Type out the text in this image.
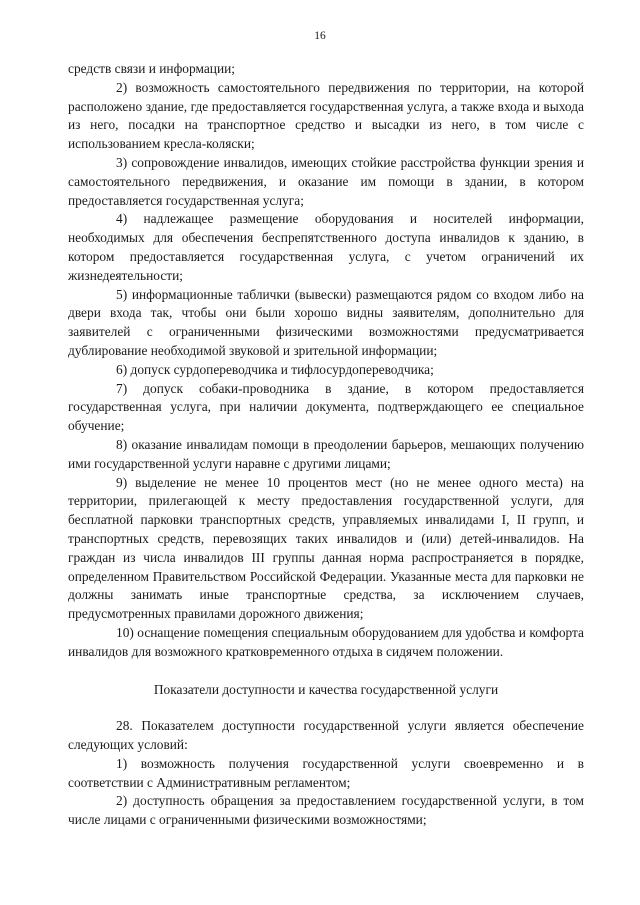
16

средств связи и информации;

2) возможность самостоятельного передвижения по территории, на которой расположено здание, где предоставляется государственная услуга, а также входа и выхода из него, посадки на транспортное средство и высадки из него, в том числе с использованием кресла-коляски;

3) сопровождение инвалидов, имеющих стойкие расстройства функции зрения и самостоятельного передвижения, и оказание им помощи в здании, в котором предоставляется государственная услуга;

4) надлежащее размещение оборудования и носителей информации, необходимых для обеспечения беспрепятственного доступа инвалидов к зданию, в котором предоставляется государственная услуга, с учетом ограничений их жизнедеятельности;

5) информационные таблички (вывески) размещаются рядом со входом либо на двери входа так, чтобы они были хорошо видны заявителям, дополнительно для заявителей с ограниченными физическими возможностями предусматривается дублирование необходимой звуковой и зрительной информации;

6) допуск сурдопереводчика и тифлосурдопереводчика;

7) допуск собаки-проводника в здание, в котором предоставляется государственная услуга, при наличии документа, подтверждающего ее специальное обучение;

8) оказание инвалидам помощи в преодолении барьеров, мешающих получению ими государственной услуги наравне с другими лицами;

9) выделение не менее 10 процентов мест (но не менее одного места) на территории, прилегающей к месту предоставления государственной услуги, для бесплатной парковки транспортных средств, управляемых инвалидами I, II групп, и транспортных средств, перевозящих таких инвалидов и (или) детей-инвалидов. На граждан из числа инвалидов III группы данная норма распространяется в порядке, определенном Правительством Российской Федерации. Указанные места для парковки не должны занимать иные транспортные средства, за исключением случаев, предусмотренных правилами дорожного движения;

10) оснащение помещения специальным оборудованием для удобства и комфорта инвалидов для возможного кратковременного отдыха в сидячем положении.

Показатели доступности и качества государственной услуги

28. Показателем доступности государственной услуги является обеспечение следующих условий:

1) возможность получения государственной услуги своевременно и в соответствии с Административным регламентом;

2) доступность обращения за предоставлением государственной услуги, в том числе лицами с ограниченными физическими возможностями;
